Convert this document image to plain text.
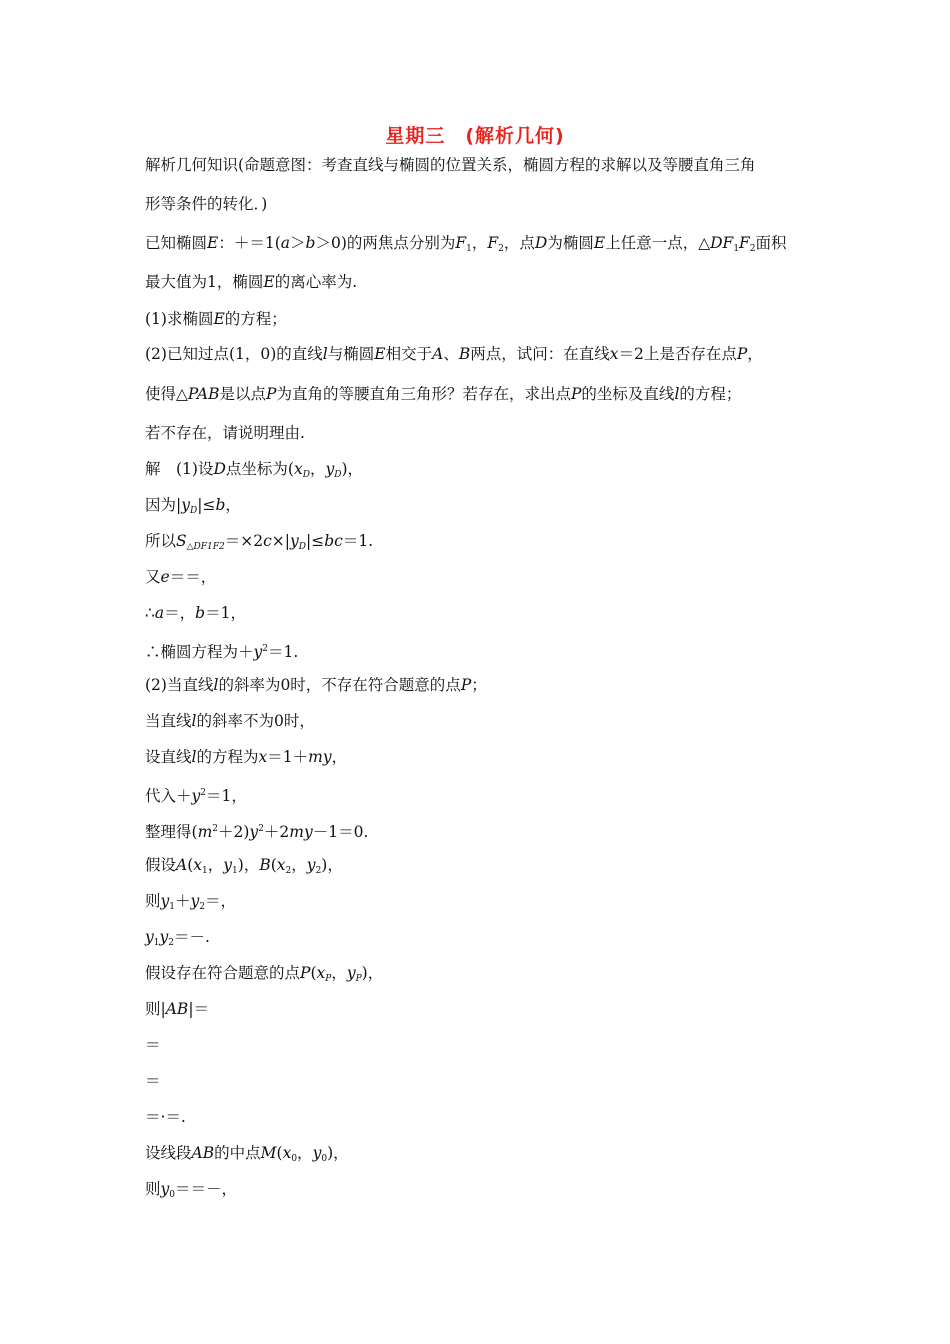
星期三　(解析几何)
解析几何知识(命题意图：考查直线与椭圆的位置关系，椭圆方程的求解以及等腰直角三角
形等条件的转化．)
已知椭圆E：＋＝1(a＞b＞0)的两焦点分别为$F_1$，$F_2$，点D为椭圆E上任意一点，$\triangle DF_1F_2$面积
最大值为1，椭圆E的离心率为.
(1)求椭圆E的方程；
(2)已知过点(1，0)的直线l与椭圆E相交于A、B两点，试问：在直线x＝2上是否存在点P，
使得△PAB是以点P为直角的等腰直角三角形？若存在，求出点P的坐标及直线l的方程；
若不存在，请说明理由.
解　(1)设D点坐标为($x_D$，$y_D$)，
因为$|y_D|\le b$，
所以$S_{\triangle DF1F2}=\times 2c\times|y_D|\le bc=1$.
又e＝＝，
∴a＝，b＝1，
∴椭圆方程为$+y^2=1$.
(2)当直线l的斜率为0时，不存在符合题意的点P；
当直线l的斜率不为0时，
设直线l的方程为x＝1＋my，
代入$+y^2=1$，
整理得$(m^2+2)y^2+2my-1=0$.
假设$A(x_1$，$y_1$)，$B(x_2$，$y_2$)，
则$y_1+y_2=$，
$y_1y_2=-$.
假设存在符合题意的点$P(x_P$，$y_P$)，
则|AB|＝
＝
＝
＝·＝.
设线段AB的中点$M(x_0$，$y_0$)，
则$y_0==-$，
